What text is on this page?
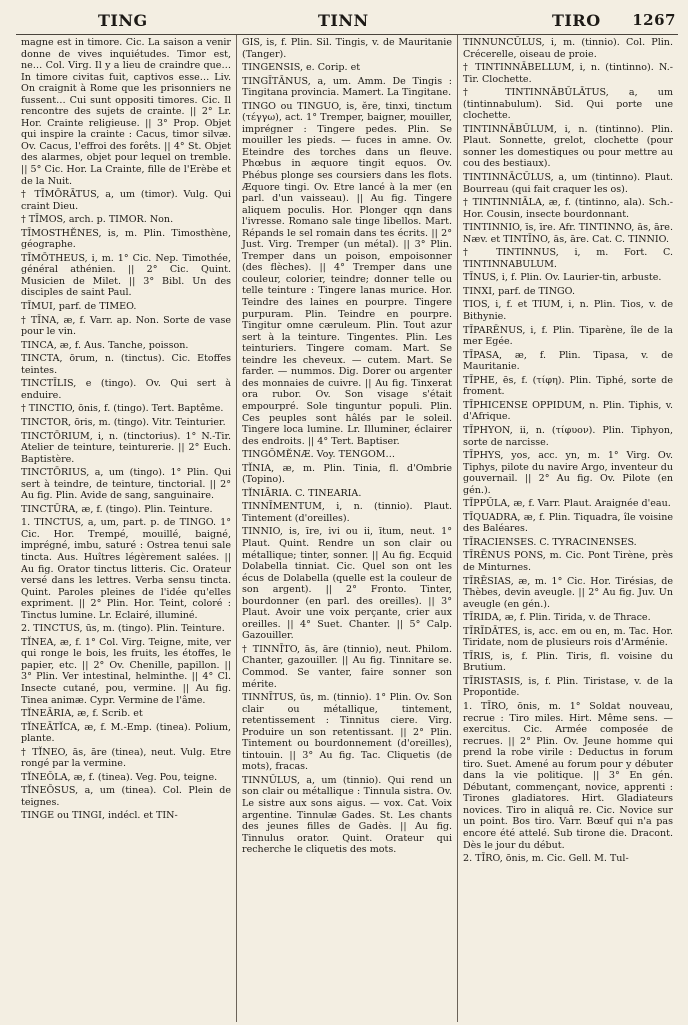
TING	TINN	TIRO 1267

magne est in timore. Cic. La saison a venir donne de vives inquiétudes. Timor est, ne… Col. Virg. Il y a lieu de craindre que… In timore civitas fuit, captivos esse… Liv. On craignit à Rome que les prisonniers ne fussent… Cui sunt oppositi timores. Cic. Il rencontre des sujets de crainte. || 2° Lr. Hor. Crainte religieuse. || 3° Prop. Objet qui inspire la crainte : Cacus, timor silvæ. Ov. Cacus, l'effroi des forêts. || 4° St. Objet des alarmes, objet pour lequel on tremble. || 5° Cic. Hor. La Crainte, fille de l'Erèbe et de la Nuit.

† TĪMŌRĀTUS, a, um (timor). Vulg. Qui craint Dieu.

† TĪMOS, arch. p. TIMOR. Non.

TĪMOSTHĔNES, is, m. Plin. Timosthène, géographe.

TĪMŌTHEUS, i, m. 1° Cic. Nep. Timothée, général athénien. || 2° Cic. Quint. Musicien de Milet. || 3° Bibl. Un des disciples de saint Paul.

TĪMUI, parf. de TIMEO.

† TĪNA, æ, f. Varr. ap. Non. Sorte de vase pour le vin.

TINCA, æ, f. Aus. Tanche, poisson.

TINCTA, ōrum, n. (tinctus). Cic. Etoffes teintes.

TINCTĪLIS, e (tingo). Ov. Qui sert à enduire.

† TINCTIO, ōnis, f. (tingo). Tert. Baptême.

TINCTOR, ōris, m. (tingo). Vitr. Teinturier.

TINCTŌRIUM, i, n. (tinctorius). 1° N.-Tir. Atelier de teinture, teinturerie. || 2° Euch. Baptistère.

TINCTŌRIUS, a, um (tingo). 1° Plin. Qui sert à teindre, de teinture, tinctorial. || 2° Au fig. Plin. Avide de sang, sanguinaire.

TINCTŪRA, æ, f. (tingo). Plin. Teinture.

1. TINCTUS, a, um, part. p. de TINGO. 1° Cic. Hor. Trempé, mouillé, baigné, imprégné, imbu, saturé : Ostrea tenui sale tincta. Aus. Huîtres légèrement salées. || Au fig. Orator tinctus litteris. Cic. Orateur versé dans les lettres. Verba sensu tincta. Quint. Paroles pleines de l'idée qu'elles expriment. || 2° Plin. Hor. Teint, coloré : Tinctus lumine. Lr. Eclairé, illuminé.

2. TINCTUS, ūs, m. (tingo). Plin. Teinture.

TĬNEA, æ, f. 1° Col. Virg. Teigne, mite, ver qui ronge le bois, les fruits, les étoffes, le papier, etc. || 2° Ov. Chenille, papillon. || 3° Plin. Ver intestinal, helminthe. || 4° Cl. Insecte cutané, pou, vermine. || Au fig. Tinea animæ. Cypr. Vermine de l'âme.

TĬNEĀRIA, æ, f. Scrib. et

TĬNEĀTĬCA, æ, f. M.-Emp. (tinea). Polium, plante.

† TĬNEO, ās, āre (tinea), neut. Vulg. Etre rongé par la vermine.

TĬNEŎLA, æ, f. (tinea). Veg. Pou, teigne.

TĬNEŌSUS, a, um (tinea). Col. Plein de teignes.

TINGE ou TINGI, indécl. et TIN-

GIS, is, f. Plin. Sil. Tingis, v. de Mauritanie (Tanger).

TINGENSIS, e. Corip. et

TINGĪTĀNUS, a, um. Amm. De Tingis : Tingitana provincia. Mamert. La Tingitane.

TINGO ou TINGUO, is, ĕre, tinxi, tinctum (τέγγω), act. 1° Tremper, baigner, mouiller, imprégner : Tingere pedes. Plin. Se mouiller les pieds. — fuces in amne. Ov. Eteindre des torches dans un fleuve. Phœbus in æquore tingit equos. Ov. Phébus plonge ses coursiers dans les flots. Æquore tingi. Ov. Etre lancé à la mer (en parl. d'un vaisseau). || Au fig. Tingere aliquem poculis. Hor. Plonger qqn dans l'ivresse. Romano sale tinge libellos. Mart. Répands le sel romain dans tes écrits. || 2° Just. Virg. Tremper (un métal). || 3° Plin. Tremper dans un poison, empoisonner (des flèches). || 4° Tremper dans une couleur, colorier, teindre; donner telle ou telle teinture : Tingere lanas murice. Hor. Teindre des laines en pourpre. Tingere purpuram. Plin. Teindre en pourpre. Tingitur omne cæruleum. Plin. Tout azur sert à la teinture. Tingentes. Plin. Les teinturiers. Tingere comam. Mart. Se teindre les cheveux. — cutem. Mart. Se farder. — nummos. Dig. Dorer ou argenter des monnaies de cuivre. || Au fig. Tinxerat ora rubor. Ov. Son visage s'était empourpré. Sole tinguntur populi. Plin. Ces peuples sont hâlés par le soleil. Tingere loca lumine. Lr. Illuminer, éclairer des endroits. || 4° Tert. Baptiser.

TINGŎMĔNÆ. Voy. TENGOM…

TĬNIA, æ, m. Plin. Tinia, fl. d'Ombrie (Topino).

TĬNIĀRIA. C. TINEARIA.

TINNĪMENTUM, i, n. (tinnio). Plaut. Tintement (d'oreilles).

TINNIO, is, īre, ivi ou ii, ītum, neut. 1° Plaut. Quint. Rendre un son clair ou métallique; tinter, sonner. || Au fig. Ecquid Dolabella tinniat. Cic. Quel son ont les écus de Dolabella (quelle est la couleur de son argent). || 2° Fronto. Tinter, bourdonner (en parl. des oreilles). || 3° Plaut. Avoir une voix perçante, crier aux oreilles. || 4° Suet. Chanter. || 5° Calp. Gazouiller.

† TINNĪTO, ās, āre (tinnio), neut. Philom. Chanter, gazouiller. || Au fig. Tinnitare se. Commod. Se vanter, faire sonner son mérite.

TINNĪTUS, ūs, m. (tinnio). 1° Plin. Ov. Son clair ou métallique, tintement, retentissement : Tinnitus ciere. Virg. Produire un son retentissant. || 2° Plin. Tintement ou bourdonnement (d'oreilles), tintouin. || 3° Au fig. Tac. Cliquetis (de mots), fracas.

TINNŬLUS, a, um (tinnio). Qui rend un son clair ou métallique : Tinnula sistra. Ov. Le sistre aux sons aigus. — vox. Cat. Voix argentine. Tinnulæ Gades. St. Les chants des jeunes filles de Gadès. || Au fig. Tinnulus orator. Quint. Orateur qui recherche le cliquetis des mots.

TINNUNCŬLUS, i, m. (tinnio). Col. Plin. Crécerelle, oiseau de proie.

† TINTINNĀBELLUM, i, n. (tintinno). N.-Tir. Clochette.

† TINTINNĀBŬLĀTUS, a, um (tintinnabulum). Sid. Qui porte une clochette.

TINTINNĀBŬLUM, i, n. (tintinno). Plin. Plaut. Sonnette, grelot, clochette (pour sonner les domestiques ou pour mettre au cou des bestiaux).

TINTINNĀCŬLUS, a, um (tintinno). Plaut. Bourreau (qui fait craquer les os).

† TINTINNIĀLA, æ, f. (tintinno, ala). Sch.-Hor. Cousin, insecte bourdonnant.

TINTINNIO, īs, īre. Afr. TINTINNO, ās, āre. Næv. et TINTĪNO, ās, āre. Cat. C. TINNIO.

† TINTINNUS, i, m. Fort. C. TINTINNABULUM.

TĪNUS, i, f. Plin. Ov. Laurier-tin, arbuste.

TINXI, parf. de TINGO.

TIOS, i, f. et TIUM, i, n. Plin. Tios, v. de Bithynie.

TĪPARĒNUS, i, f. Plin. Tiparène, île de la mer Egée.

TĪPASA, æ, f. Plin. Tipasa, v. de Mauritanie.

TĪPHE, ēs, f. (τίφη). Plin. Tiphé, sorte de froment.

TĪPHICENSE OPPIDUM, n. Plin. Tiphis, v. d'Afrique.

TĪPHYON, ii, n. (τίφυον). Plin. Tiphyon, sorte de narcisse.

TĪPHYS, yos, acc. yn, m. 1° Virg. Ov. Tiphys, pilote du navire Argo, inventeur du gouvernail. || 2° Au fig. Ov. Pilote (en gén.).

TĪPPŬLA, æ, f. Varr. Plaut. Araignée d'eau.

TĪQUADRA, æ, f. Plin. Tiquadra, île voisine des Baléares.

TĪRACIENSES. C. TYRACINENSES.

TĪRĒNUS PONS, m. Cic. Pont Tirène, près de Minturnes.

TĪRĒSIAS, æ, m. 1° Cic. Hor. Tirésias, de Thèbes, devin aveugle. || 2° Au fig. Juv. Un aveugle (en gén.).

TĪRIDA, æ, f. Plin. Tirida, v. de Thrace.

TĪRĪDĀTES, is, acc. em ou en, m. Tac. Hor. Tiridate, nom de plusieurs rois d'Arménie.

TĪRIS, is, f. Plin. Tiris, fl. voisine du Brutium.

TĪRISTASIS, is, f. Plin. Tiristase, v. de la Propontide.

1. TĪRO, ōnis, m. 1° Soldat nouveau, recrue : Tiro miles. Hirt. Même sens. — exercitus. Cic. Armée composée de recrues. || 2° Plin. Ov. Jeune homme qui prend la robe virile : Deductus in forum tiro. Suet. Amené au forum pour y débuter dans la vie politique. || 3° En gén. Débutant, commençant, novice, apprenti : Tirones gladiatores. Hirt. Gladiateurs novices. Tiro in aliquâ re. Cic. Novice sur un point. Bos tiro. Varr. Bœuf qui n'a pas encore été attelé. Sub tirone die. Dracont. Dès le jour du début.

2. TĪRO, ōnis, m. Cic. Gell. M. Tul-
